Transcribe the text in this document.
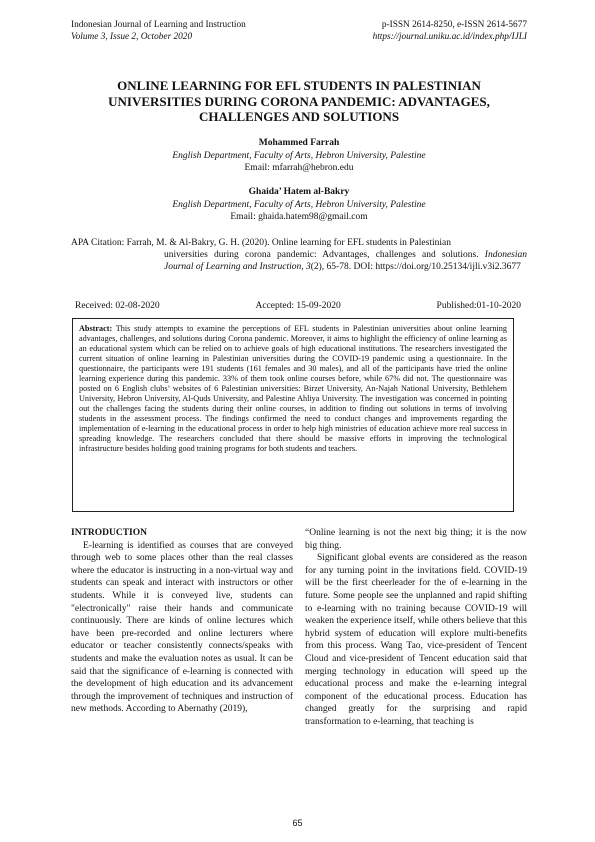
Indonesian Journal of Learning and Instruction	p-ISSN 2614-8250, e-ISSN 2614-5677
Volume 3, Issue 2, October 2020	https://journal.uniku.ac.id/index.php/IJLI
ONLINE LEARNING FOR EFL STUDENTS IN PALESTINIAN UNIVERSITIES DURING CORONA PANDEMIC: ADVANTAGES, CHALLENGES AND SOLUTIONS
Mohammed Farrah
English Department, Faculty of Arts, Hebron University, Palestine
Email: mfarrah@hebron.edu
Ghaida’ Hatem al-Bakry
English Department, Faculty of Arts, Hebron University, Palestine
Email: ghaida.hatem98@gmail.com
APA Citation: Farrah, M. & Al-Bakry, G. H. (2020). Online learning for EFL students in Palestinian
universities during corona pandemic: Advantages, challenges and solutions. Indonesian Journal of Learning and Instruction, 3(2), 65-78. DOI: https://doi.org/10.25134/ijli.v3i2.3677
Received: 02-08-2020	Accepted: 15-09-2020	Published:01-10-2020
Abstract: This study attempts to examine the perceptions of EFL students in Palestinian universities about online learning advantages, challenges, and solutions during Corona pandemic. Moreover, it aims to highlight the efficiency of online learning as an educational system which can be relied on to achieve goals of high educational institutions. The researchers investigated the current situation of online learning in Palestinian universities during the COVID-19 pandemic using a questionnaire. In the questionnaire, the participants were 191 students (161 females and 30 males), and all of the participants have tried the online learning experience during this pandemic. 33% of them took online courses before, while 67% did not. The questionnaire was posted on 6 English clubs’ websites of 6 Palestinian universities: Birzet University, An-Najah National University, Bethlehem University, Hebron University, Al-Quds University, and Palestine Ahliya University. The investigation was concerned in pointing out the challenges facing the students during their online courses, in addition to finding out solutions in terms of involving students in the assessment process. The findings confirmed the need to conduct changes and improvements regarding the implementation of e-learning in the educational process in order to help high ministries of education achieve more real success in spreading knowledge. The researchers concluded that there should be massive efforts in improving the technological infrastructure besides holding good training programs for both students and teachers.
INTRODUCTION

E-learning is identified as courses that are conveyed through web to some places other than the real classes where the educator is instructing in a non-virtual way and students can speak and interact with instructors or other students. While it is conveyed live, students can "electronically" raise their hands and communicate continuously. There are kinds of online lectures which have been pre-recorded and online lecturers where educator or teacher consistently connects/speaks with students and make the evaluation notes as usual. It can be said that the significance of e-learning is connected with the development of high education and its advancement through the improvement of techniques and instruction of new methods. According to Abernathy (2019),

“Online learning is not the next big thing; it is the now big thing.

Significant global events are considered as the reason for any turning point in the invitations field. COVID-19 will be the first cheerleader for the of e-learning in the future. Some people see the unplanned and rapid shifting to e-learning with no training because COVID-19 will weaken the experience itself, while others believe that this hybrid system of education will explore multi-benefits from this process. Wang Tao, vice-president of Tencent Cloud and vice-president of Tencent education said that merging technology in education will speed up the educational process and make the e-learning integral component of the educational process. Education has changed greatly for the surprising and rapid transformation to e-learning, that teaching is

65
